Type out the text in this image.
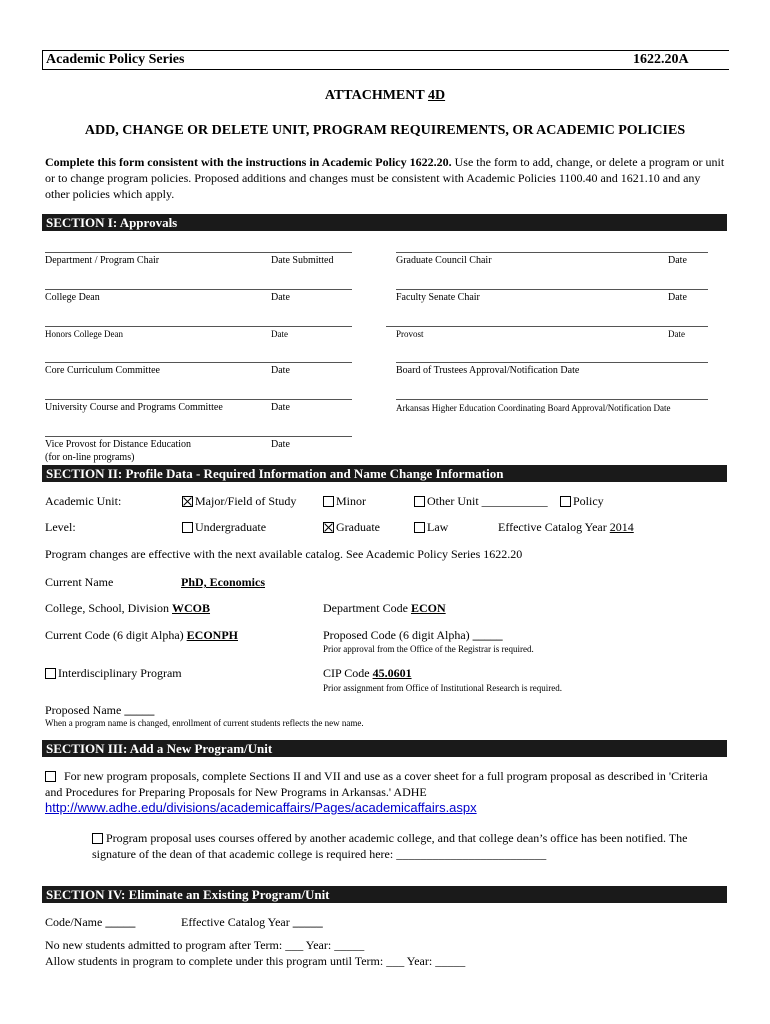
Academic Policy Series	1622.20A
ATTACHMENT 4D
ADD, CHANGE OR DELETE UNIT, PROGRAM REQUIREMENTS, OR ACADEMIC POLICIES
Complete this form consistent with the instructions in Academic Policy 1622.20. Use the form to add, change, or delete a program or unit or to change program policies. Proposed additions and changes must be consistent with Academic Policies 1100.40 and 1621.10 and any other policies which apply.
SECTION I: Approvals
Department / Program Chair	Date Submitted
College Dean	Date
Honors College Dean	Date
Core Curriculum Committee	Date
University Course and Programs Committee	Date
Vice Provost for Distance Education
(for on-line programs)
Date
Graduate Council Chair	Date
Faculty Senate Chair	Date
Provost	Date
Board of Trustees Approval/Notification Date
Arkansas Higher Education Coordinating Board Approval/Notification Date
SECTION II: Profile Data - Required Information and Name Change Information
Academic Unit:	Major/Field of Study	Minor	Other Unit ___________	Policy
Level:	Undergraduate	Graduate	Law	Effective Catalog Year 2014
Program changes are effective with the next available catalog. See Academic Policy Series 1622.20
Current Name	PhD, Economics
College, School, Division WCOB	Department Code ECON
Current Code (6 digit Alpha) ECONPH	Proposed Code (6 digit Alpha) _____
Prior approval from the Office of the Registrar is required.
Interdisciplinary Program	CIP Code 45.0601
Prior assignment from Office of Institutional Research is required.
Proposed Name _____
When a program name is changed, enrollment of current students reflects the new name.
SECTION III: Add a New Program/Unit
For new program proposals, complete Sections II and VII and use as a cover sheet for a full program proposal as described in 'Criteria and Procedures for Preparing Proposals for New Programs in Arkansas.' ADHE
http://www.adhe.edu/divisions/academicaffairs/Pages/academicaffairs.aspx
Program proposal uses courses offered by another academic college, and that college dean’s office has been notified. The signature of the dean of that academic college is required here: _________________________
SECTION IV: Eliminate an Existing Program/Unit
Code/Name _____	Effective Catalog Year _____
No new students admitted to program after Term: ___ Year: _____
Allow students in program to complete under this program until Term: ___ Year: _____
